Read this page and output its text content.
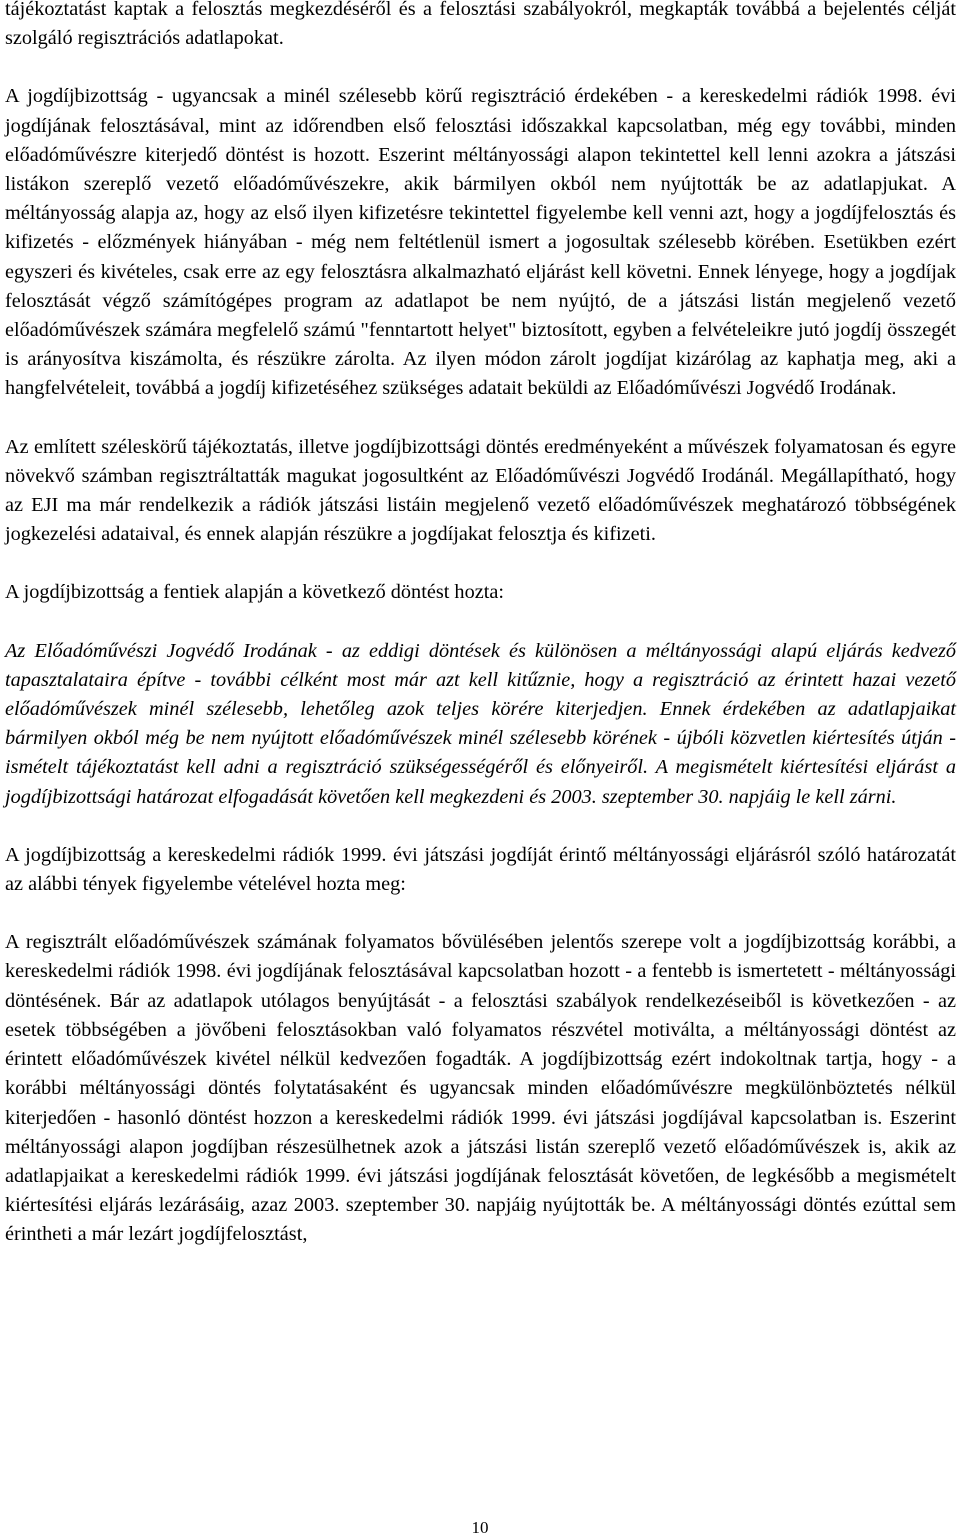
tájékoztatást kaptak a felosztás megkezdéséről és a felosztási szabályokról, megkapták továbbá a bejelentés célját szolgáló regisztrációs adatlapokat.

A jogdíjbizottság - ugyancsak a minél szélesebb körű regisztráció érdekében - a kereskedelmi rádiók 1998. évi jogdíjának felosztásával, mint az időrendben első felosztási időszakkal kapcsolatban, még egy további, minden előadóművészre kiterjedő döntést is hozott. Eszerint méltányossági alapon tekintettel kell lenni azokra a játszási listákon szereplő vezető előadóművészekre, akik bármilyen okból nem nyújtották be az adatlapjukat. A méltányosság alapja az, hogy az első ilyen kifizetésre tekintettel figyelembe kell venni azt, hogy a jogdíjfelosztás és kifizetés - előzmények hiányában - még nem feltétlenül ismert a jogosultak szélesebb körében. Esetükben ezért egyszeri és kivételes, csak erre az egy felosztásra alkalmazható eljárást kell követni. Ennek lényege, hogy a jogdíjak felosztását végző számítógépes program az adatlapot be nem nyújtó, de a játszási listán megjelenő vezető előadóművészek számára megfelelő számú "fenntartott helyet" biztosított, egyben a felvételeikre jutó jogdíj összegét is arányosítva kiszámolta, és részükre zárolta. Az ilyen módon zárolt jogdíjat kizárólag az kaphatja meg, aki a hangfelvételeit, továbbá a jogdíj kifizetéséhez szükséges adatait beküldi az Előadóművészi Jogvédő Irodának.

Az említett széleskörű tájékoztatás, illetve jogdíjbizottsági döntés eredményeként a művészek folyamatosan és egyre növekvő számban regisztráltatták magukat jogosultként az Előadóművészi Jogvédő Irodánál. Megállapítható, hogy az EJI ma már rendelkezik a rádiók játszási listáin megjelenő vezető előadóművészek meghatározó többségének jogkezelési adataival, és ennek alapján részükre a jogdíjakat felosztja és kifizeti.

A jogdíjbizottság a fentiek alapján a következő döntést hozta:

Az Előadóművészi Jogvédő Irodának - az eddigi döntések és különösen a méltányossági alapú eljárás kedvező tapasztalataira építve - további célként most már azt kell kitűznie, hogy a regisztráció az érintett hazai vezető előadóművészek minél szélesebb, lehetőleg azok teljes körére kiterjedjen. Ennek érdekében az adatlapjaikat bármilyen okból még be nem nyújtott előadóművészek minél szélesebb körének - újbóli közvetlen kiértesítés útján - ismételt tájékoztatást kell adni a regisztráció szükségességéről és előnyeiről. A megismételt kiértesítési eljárást a jogdíjbizottsági határozat elfogadását követően kell megkezdeni és 2003. szeptember 30. napjáig le kell zárni.

A jogdíjbizottság a kereskedelmi rádiók 1999. évi játszási jogdíját érintő méltányossági eljárásról szóló határozatát az alábbi tények figyelembe vételével hozta meg:

A regisztrált előadóművészek számának folyamatos bővülésében jelentős szerepe volt a jogdíjbizottság korábbi, a kereskedelmi rádiók 1998. évi jogdíjának felosztásával kapcsolatban hozott - a fentebb is ismertetett - méltányossági döntésének. Bár az adatlapok utólagos benyújtását - a felosztási szabályok rendelkezéseiből is következően - az esetek többségében a jövőbeni felosztásokban való folyamatos részvétel motiválta, a méltányossági döntést az érintett előadóművészek kivétel nélkül kedvezően fogadták. A jogdíjbizottság ezért indokoltnak tartja, hogy - a korábbi méltányossági döntés folytatásaként és ugyancsak minden előadóművészre megkülönböztetés nélkül kiterjedően - hasonló döntést hozzon a kereskedelmi rádiók 1999. évi játszási jogdíjával kapcsolatban is. Eszerint méltányossági alapon jogdíjban részesülhetnek azok a játszási listán szereplő vezető előadóművészek is, akik az adatlapjaikat a kereskedelmi rádiók 1999. évi játszási jogdíjának felosztását követően, de legkésőbb a megismételt kiértesítési eljárás lezárásáig, azaz 2003. szeptember 30. napjáig nyújtották be. A méltányossági döntés ezúttal sem érintheti a már lezárt jogdíjfelosztást,

10
